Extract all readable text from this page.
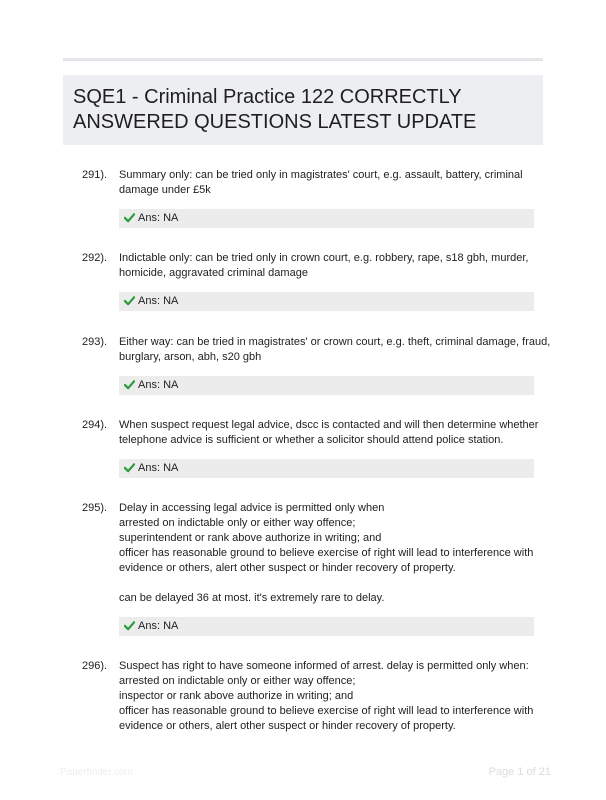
SQE1 - Criminal Practice 122 CORRECTLY ANSWERED QUESTIONS LATEST UPDATE
291). Summary only: can be tried only in magistrates' court, e.g. assault, battery, criminal
damage under £5k
Ans: NA
292). Indictable only: can be tried only in crown court, e.g. robbery, rape, s18 gbh, murder,
homicide, aggravated criminal damage
Ans: NA
293). Either way: can be tried in magistrates' or crown court, e.g. theft, criminal damage, fraud,
burglary, arson, abh, s20 gbh
Ans: NA
294). When suspect request legal advice, dscc is contacted and will then determine whether
telephone advice is sufficient or whether a solicitor should attend police station.
Ans: NA
295). Delay in accessing legal advice is permitted only when
arrested on indictable only or either way offence;
superintendent or rank above authorize in writing; and
officer has reasonable ground to believe exercise of right will lead to interference with
evidence or others, alert other suspect or hinder recovery of property.
can be delayed 36 at most. it's extremely rare to delay.
Ans: NA
296). Suspect has right to have someone informed of arrest. delay is permitted only when:
arrested on indictable only or either way offence;
inspector or rank above authorize in writing; and
officer has reasonable ground to believe exercise of right will lead to interference with
evidence or others, alert other suspect or hinder recovery of property.
Paperfinder.com	Page 1 of 21
